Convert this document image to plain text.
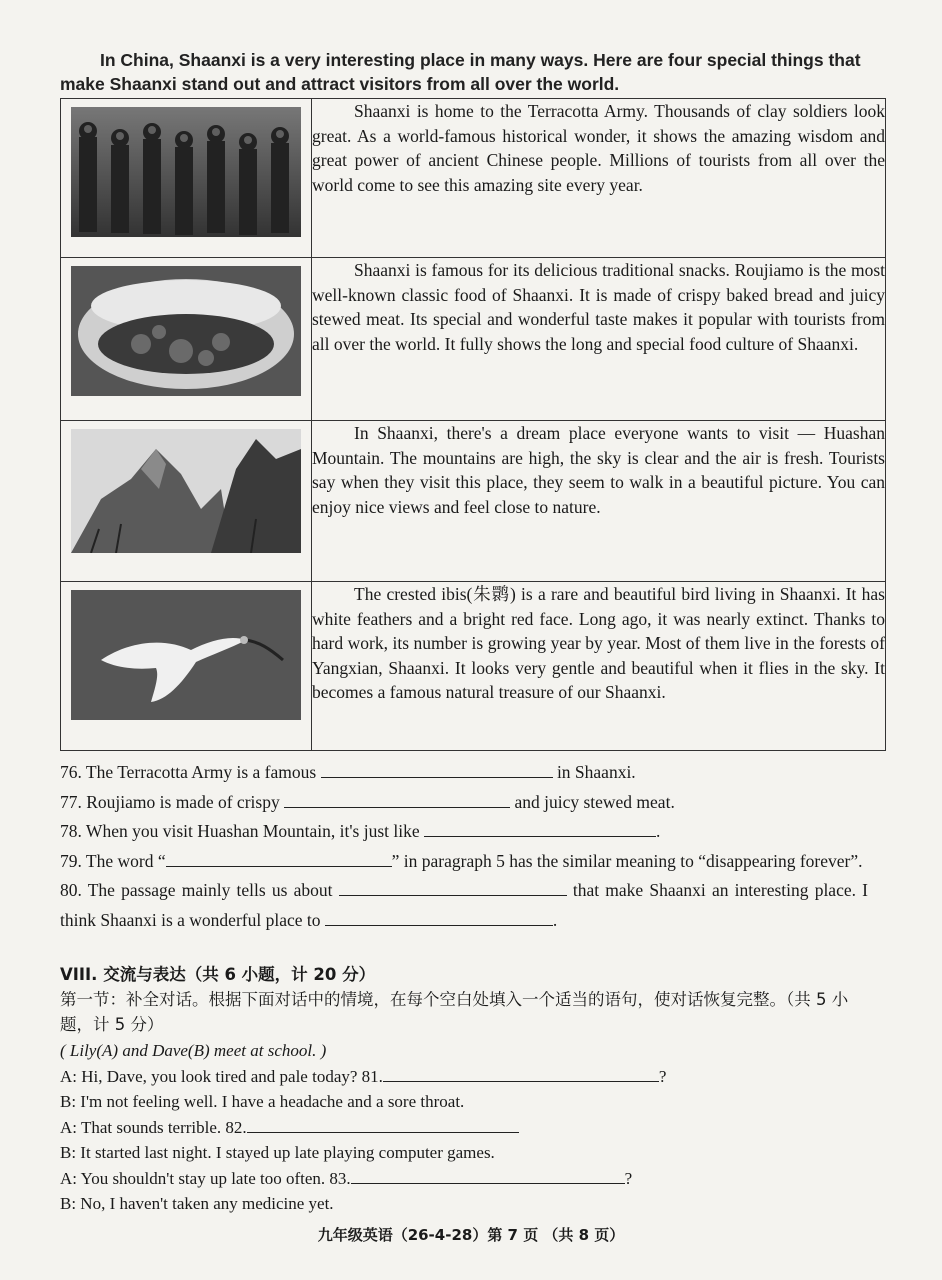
In China, Shaanxi is a very interesting place in many ways. Here are four special things that make Shaanxi stand out and attract visitors from all over the world.

Shaanxi is home to the Terracotta Army. Thousands of clay soldiers look great. As a world-famous historical wonder, it shows the amazing wisdom and great power of ancient Chinese people. Millions of tourists from all over the world come to see this amazing site every year.

Shaanxi is famous for its delicious traditional snacks. Roujiamo is the most well-known classic food of Shaanxi. It is made of crispy baked bread and juicy stewed meat. Its special and wonderful taste makes it popular with tourists from all over the world. It fully shows the long and special food culture of Shaanxi.

In Shaanxi, there's a dream place everyone wants to visit — Huashan Mountain. The mountains are high, the sky is clear and the air is fresh. Tourists say when they visit this place, they seem to walk in a beautiful picture. You can enjoy nice views and feel close to nature.

The crested ibis(朱鹮) is a rare and beautiful bird living in Shaanxi. It has white feathers and a bright red face. Long ago, it was nearly extinct. Thanks to hard work, its number is growing year by year. Most of them live in the forests of Yangxian, Shaanxi. It looks very gentle and beautiful when it flies in the sky. It becomes a famous natural treasure of our Shaanxi.

76. The Terracotta Army is a famous	in Shaanxi.

77. Roujiamo is made of crispy	and juicy stewed meat.

78. When you visit Huashan Mountain, it's just like	.

79. The word “	” in paragraph 5 has the similar meaning to “disappearing forever”.

80. The passage mainly tells us about	that make Shaanxi an interesting place. I think Shaanxi is a wonderful place to	.

VIII. 交流与表达（共 6 小题，计 20 分）

第一节：补全对话。根据下面对话中的情境，在每个空白处填入一个适当的语句，使对话恢复完整。（共 5 小题，计 5 分）

( Lily(A) and Dave(B) meet at school. )

A: Hi, Dave, you look tired and pale today? 81.	?

B: I'm not feeling well. I have a headache and a sore throat.

A: That sounds terrible. 82.

B: It started last night. I stayed up late playing computer games.

A: You shouldn't stay up late too often. 83.	?

B: No, I haven't taken any medicine yet.

九年级英语（26-4-28）第 7 页 （共 8 页）
